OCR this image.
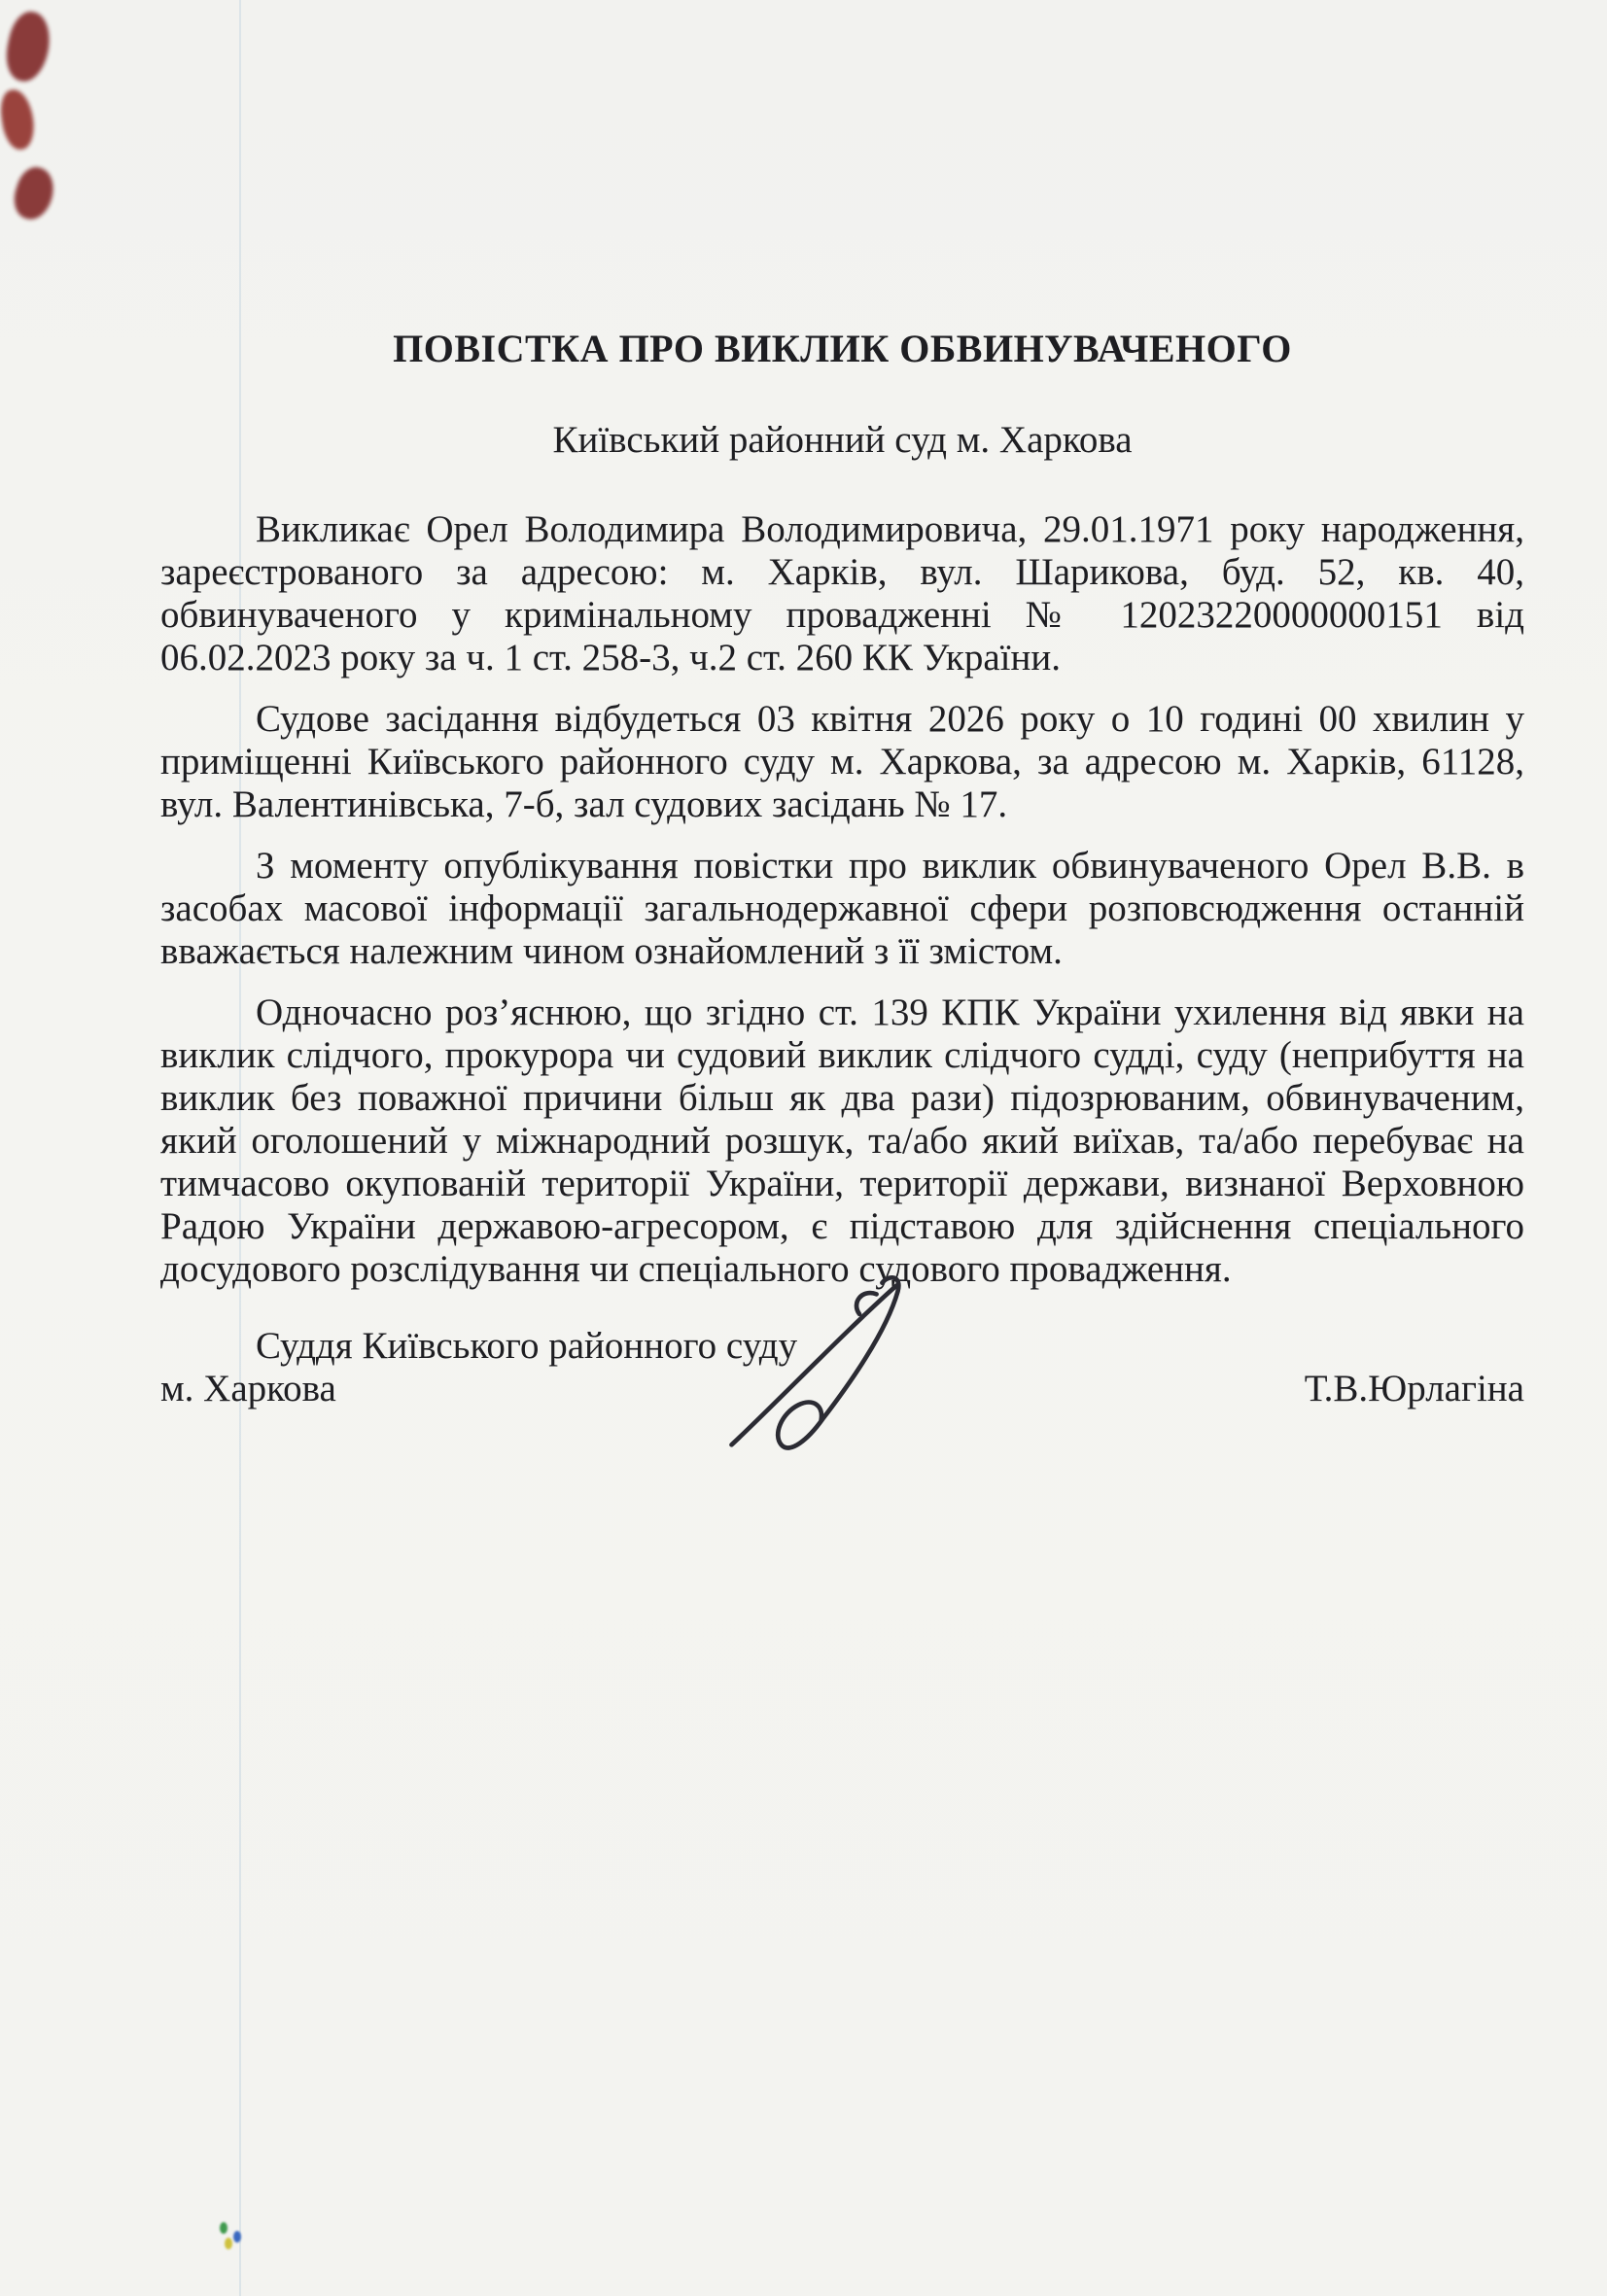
ПОВІСТКА ПРО ВИКЛИК ОБВИНУВАЧЕНОГО
Київський районний суд м. Харкова

Викликає Орел Володимира Володимировича, 29.01.1971 року народження, зареєстрованого за адресою: м. Харків, вул. Шарикова, буд. 52, кв. 40, обвинуваченого у кримінальному провадженні № 12023220000000151 від 06.02.2023 року за ч. 1 ст. 258-3, ч.2 ст. 260 КК України.

Судове засідання відбудеться 03 квітня 2026 року о 10 годині 00 хвилин у приміщенні Київського районного суду м. Харкова, за адресою м. Харків, 61128, вул. Валентинівська, 7-б, зал судових засідань № 17.

З моменту опублікування повістки про виклик обвинуваченого Орел В.В. в засобах масової інформації загальнодержавної сфери розповсюдження останній вважається належним чином ознайомлений з її змістом.

Одночасно роз’яснюю, що згідно ст. 139 КПК України ухилення від явки на виклик слідчого, прокурора чи судовий виклик слідчого судді, суду (неприбуття на виклик без поважної причини більш як два рази) підозрюваним, обвинуваченим, який оголошений у міжнародний розшук, та/або який виїхав, та/або перебуває на тимчасово окупованій території України, території держави, визнаної Верховною Радою України державою-агресором, є підставою для здійснення спеціального досудового розслідування чи спеціального судового провадження.

Суддя Київського районного суду
м. Харкова	Т.В.Юрлагіна
